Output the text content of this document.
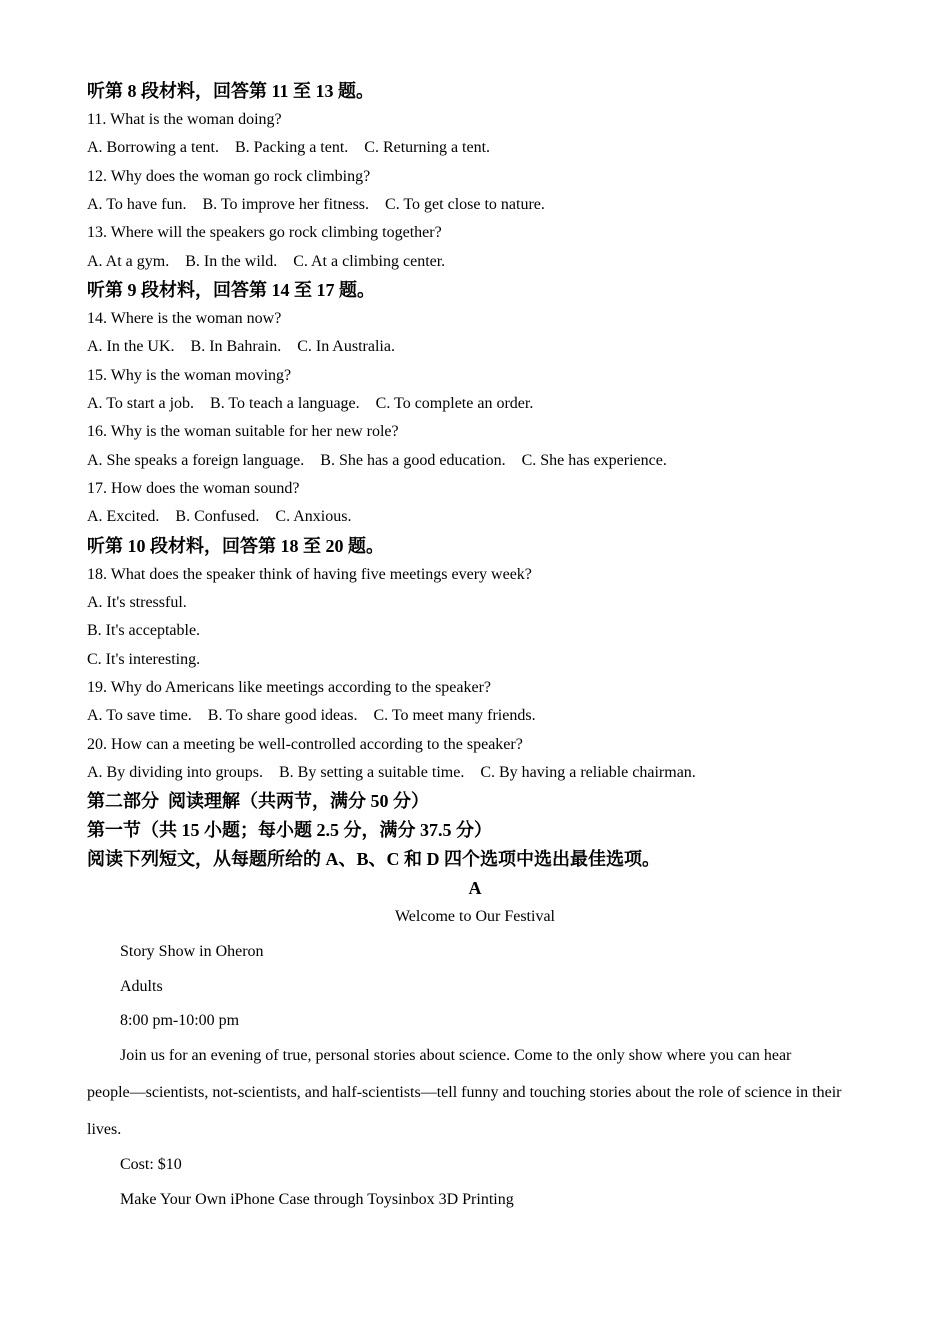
听第 8 段材料，回答第 11 至 13 题。
11. What is the woman doing?
A. Borrowing a tent.    B. Packing a tent.    C. Returning a tent.
12. Why does the woman go rock climbing?
A. To have fun.    B. To improve her fitness.    C. To get close to nature.
13. Where will the speakers go rock climbing together?
A. At a gym.    B. In the wild.    C. At a climbing center.
听第 9 段材料，回答第 14 至 17 题。
14. Where is the woman now?
A. In the UK.    B. In Bahrain.    C. In Australia.
15. Why is the woman moving?
A. To start a job.    B. To teach a language.    C. To complete an order.
16. Why is the woman suitable for her new role?
A. She speaks a foreign language.    B. She has a good education.    C. She has experience.
17. How does the woman sound?
A. Excited.    B. Confused.    C. Anxious.
听第 10 段材料，回答第 18 至 20 题。
18. What does the speaker think of having five meetings every week?
A. It's stressful.
B. It's acceptable.
C. It's interesting.
19. Why do Americans like meetings according to the speaker?
A. To save time.    B. To share good ideas.    C. To meet many friends.
20. How can a meeting be well-controlled according to the speaker?
A. By dividing into groups.    B. By setting a suitable time.    C. By having a reliable chairman.
第二部分  阅读理解（共两节，满分 50 分）
第一节（共 15 小题；每小题 2.5 分，满分 37.5 分）
阅读下列短文，从每题所给的 A、B、C 和 D 四个选项中选出最佳选项。
A
Welcome to Our Festival
Story Show in Oheron
Adults
8:00 pm-10:00 pm
Join us for an evening of true, personal stories about science. Come to the only show where you can hear
people—scientists, not-scientists, and half-scientists—tell funny and touching stories about the role of science in their lives.
Cost: $10
Make Your Own iPhone Case through Toysinbox 3D Printing
